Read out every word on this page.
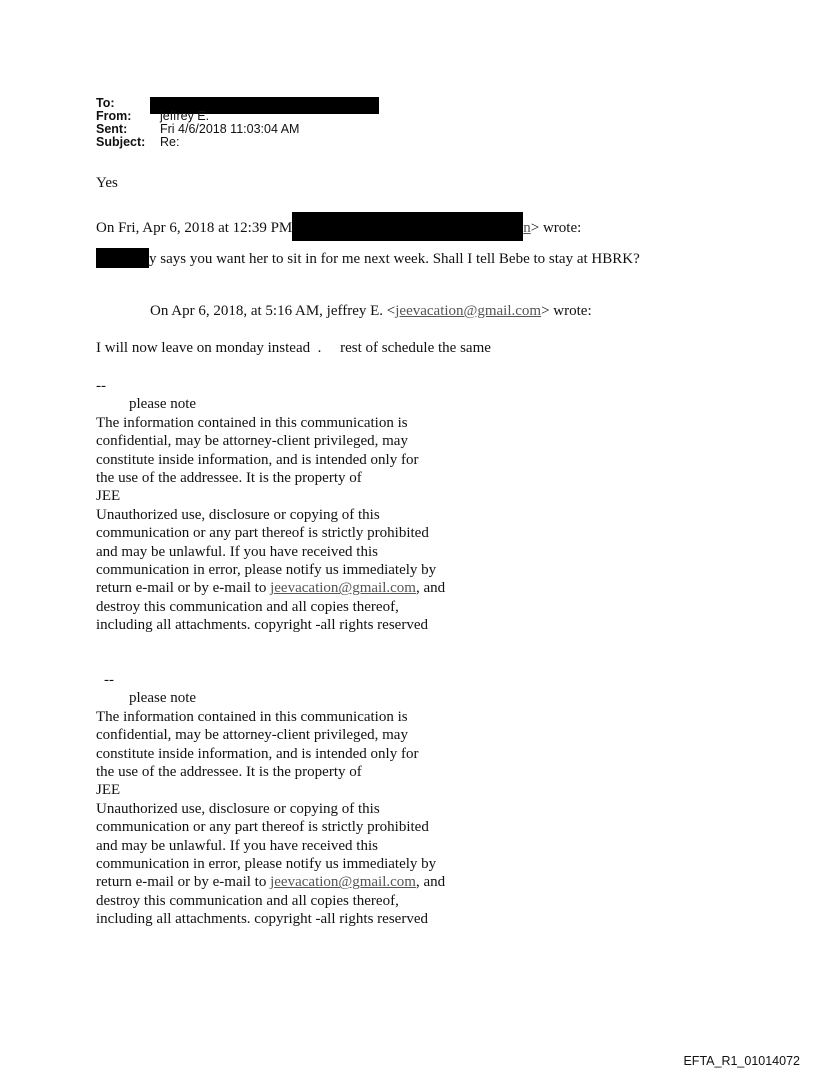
To:
From: jeffrey E.
Sent:	Fri 4/6/2018 11:03:04 AM
Subject: Re:
Yes
On Fri, Apr 6, 2018 at 12:39 PM	n> wrote:
y says you want her to sit in for me next week. Shall I tell Bebe to stay at HBRK?
On Apr 6, 2018, at 5:16 AM, jeffrey E. <jeevacation@gmail.com> wrote:
I will now leave on monday instead  .     rest of schedule the same
--
please note
The information contained in this communication is
confidential, may be attorney-client privileged, may
constitute inside information, and is intended only for
the use of the addressee. It is the property of
JEE
Unauthorized use, disclosure or copying of this
communication or any part thereof is strictly prohibited
and may be unlawful. If you have received this
communication in error, please notify us immediately by
return e-mail or by e-mail to jeevacation@gmail.com, and
destroy this communication and all copies thereof,
including all attachments. copyright -all rights reserved
--
please note
The information contained in this communication is
confidential, may be attorney-client privileged, may
constitute inside information, and is intended only for
the use of the addressee. It is the property of
JEE
Unauthorized use, disclosure or copying of this
communication or any part thereof is strictly prohibited
and may be unlawful. If you have received this
communication in error, please notify us immediately by
return e-mail or by e-mail to jeevacation@gmail.com, and
destroy this communication and all copies thereof,
including all attachments. copyright -all rights reserved
EFTA_R1_01014072
